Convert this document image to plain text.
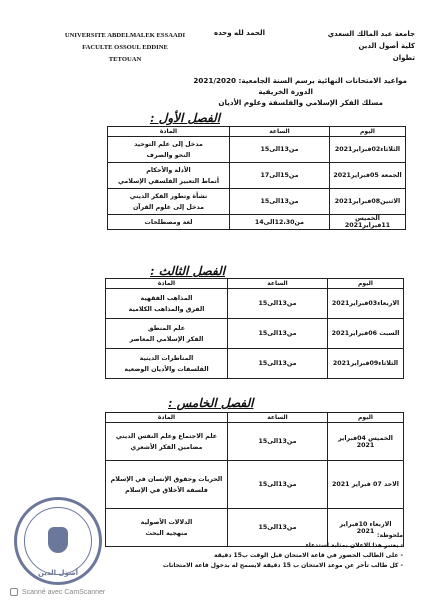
UNIVERSITE ABDELMALEK ESSAADI
FACULTE OSSOUL EDDINE
TETOUAN
الحمد لله وحده	جامعة عبد المالك السعدي
كلية أصول الدين
تطوان
مواعيد الامتحانات النهائية برسم السنة الجامعية: 2021/2020
الدورة الخريفية
مسلك الفكر الإسلامي والفلسفة وعلوم الأديان
الفصل الأول :
اليوم	الساعة	المادة
الثلاثاء02فبراير2021	من13الى15	مدخل إلى علم التوحيد
النحو والصرف

الجمعة 05فبراير2021	من15الى17	الأدلة والأحكام
أنماط التعبير الفلسفي الإسلامي

الاثنين08فبراير2021	من13الى15	نشأة وتطور الفكر الديني
مدخل إلى علوم القرآن

الخميس 11فبراير2021	من12،30الى14	لغة ومصطلحات
الفصل الثالث :
اليوم	الساعة	المادة
الاربعاء03فبراير2021	من13الى15	المذاهب الفقهية
الفرق والمذاهب الكلامية

السبت 06فبراير2021	من13الى15	علم المنطق
الفكر الإسلامي المعاصر

الثلاثاء09فبراير2021	من13الى15	المناظرات الدينية
الفلسفات والأديان الوضعية
الفصل الخامس :
اليوم	الساعة	المادة
الخميس 04فبراير 2021	من13الى15	علم الاجتماع وعلم النفس الديني
مضامين الفكر الأشعري

الاحد 07 فبراير 2021	من13الى15	الحريات وحقوق الإنسان في الإسلام
فلسفة الأخلاق في الإسلام

الاربعاء 10فبراير 2021	من13الى15	الدلالات الأصولية
منهجية البحث	ملحوظة:
- يعتبر هذا الاعلان بمثابة استدعاء
- على الطالب الحضور في قاعة الامتحان قبل الوقت ب15 دقيقة
- كل طالب تأخر عن موعد الامتحان ب 15 دقيقة لايسمح له بدخول قاعة الامتحانات
أصول الدين
Scanné avec CamScanner
